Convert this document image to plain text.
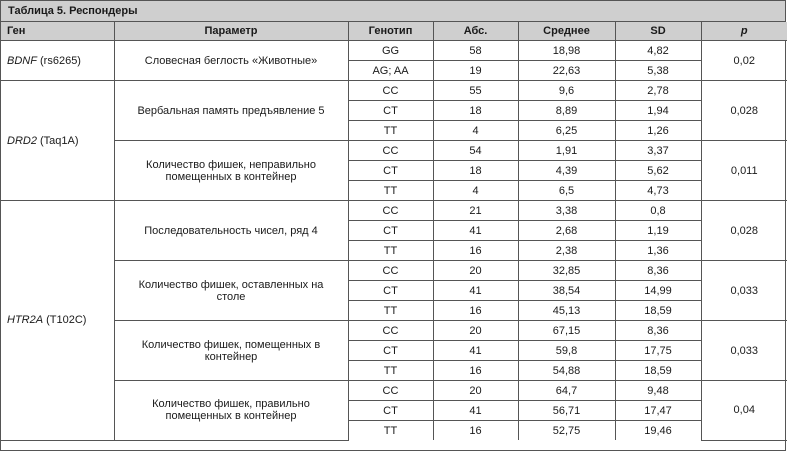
Таблица 5. Респондеры
Ген	Параметр	Генотип	Абс.	Среднее	SD	p
BDNF (rs6265)	Словесная беглость «Животные»	GG	58	18,98	4,82	0,02
		AG; AA	19	22,63	5,38	
DRD2 (Taq1A)	Вербальная память предъявление 5	CC	55	9,6	2,78	0,028
		CT	18	8,89	1,94	
		TT	4	6,25	1,26	
	Количество фишек, неправильно помещенных в контейнер	CC	54	1,91	3,37	0,011
		CT	18	4,39	5,62	
		TT	4	6,5	4,73	
HTR2A (T102C)	Последовательность чисел, ряд 4	CC	21	3,38	0,8	0,028
		CT	41	2,68	1,19	
		TT	16	2,38	1,36	
	Количество фишек, оставленных на столе	CC	20	32,85	8,36	0,033
		CT	41	38,54	14,99	
		TT	16	45,13	18,59	
	Количество фишек, помещенных в контейнер	CC	20	67,15	8,36	0,033
		CT	41	59,8	17,75	
		TT	16	54,88	18,59	
	Количество фишек, правильно помещенных в контейнер	CC	20	64,7	9,48	0,04
		CT	41	56,71	17,47	
		TT	16	52,75	19,46	
